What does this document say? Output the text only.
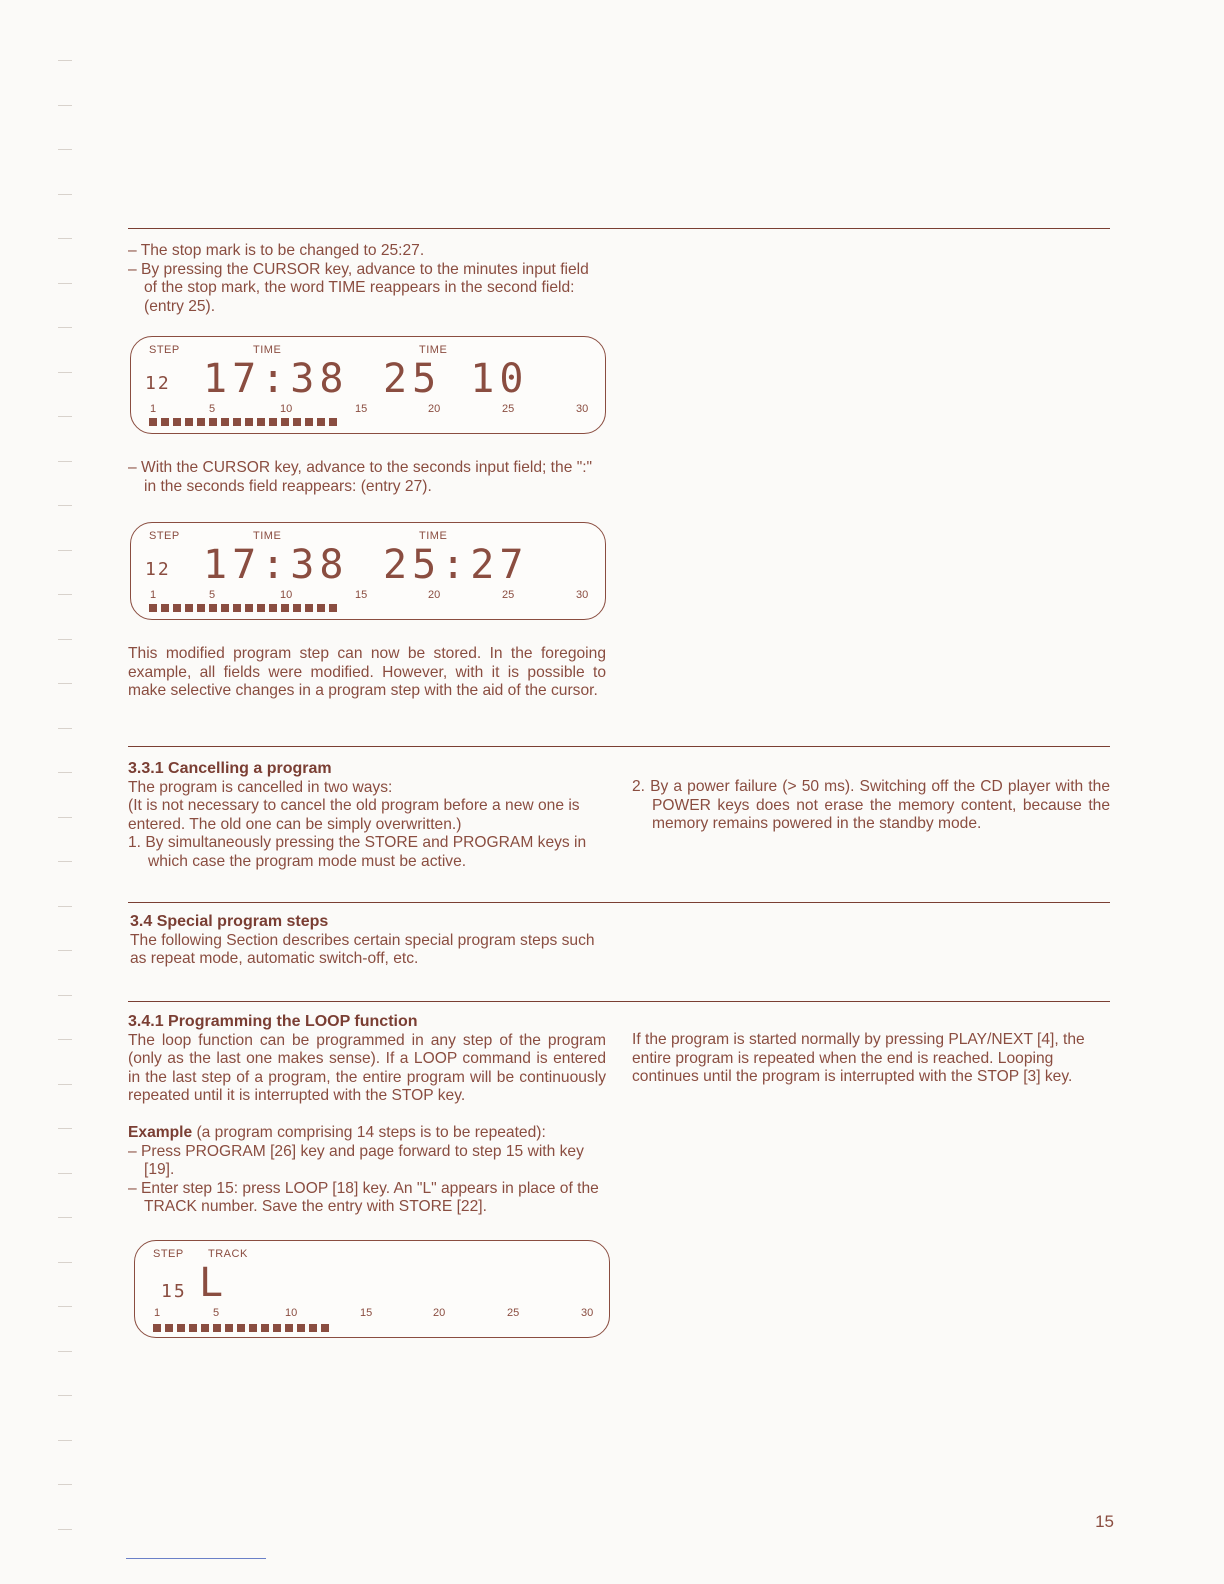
– The stop mark is to be changed to 25:27.

– By pressing the CURSOR key, advance to the minutes input field of the stop mark, the word TIME reappears in the second field: (entry 25).

STEP	TIME	TIME
12 17:38 25 10
1	5	10	15	20	25	30

– With the CURSOR key, advance to the seconds input field; the ":" in the seconds field reappears: (entry 27).

STEP	TIME	TIME
12 17:38 25:27
1	5	10	15	20	25	30
This modified program step can now be stored. In the foregoing example, all fields were modified. However, with it is possible to make selective changes in a program step with the aid of the cursor.

3.3.1 Cancelling a program

The program is cancelled in two ways:

(It is not necessary to cancel the old program before a new one is entered. The old one can be simply overwritten.)

1. By simultaneously pressing the STORE and PROGRAM keys in which case the program mode must be active.

2. By a power failure (> 50 ms). Switching off the CD player with the POWER keys does not erase the memory content, because the memory remains powered in the standby mode.

3.4 Special program steps

The following Section describes certain special program steps such as repeat mode, automatic switch-off, etc.

3.4.1 Programming the LOOP function

The loop function can be programmed in any step of the program (only as the last one makes sense). If a LOOP command is entered in the last step of a program, the entire program will be continuously repeated until it is interrupted with the STOP key.

Example (a program comprising 14 steps is to be repeated):

– Press PROGRAM [26] key and page forward to step 15 with key [19].

– Enter step 15: press LOOP [18] key. An "L" appears in place of the TRACK number. Save the entry with STORE [22].

If the program is started normally by pressing PLAY/NEXT [4], the entire program is repeated when the end is reached. Looping continues until the program is interrupted with the STOP [3] key.
STEP TRACK
15 L
1	5	10	15	20	25	30
15
